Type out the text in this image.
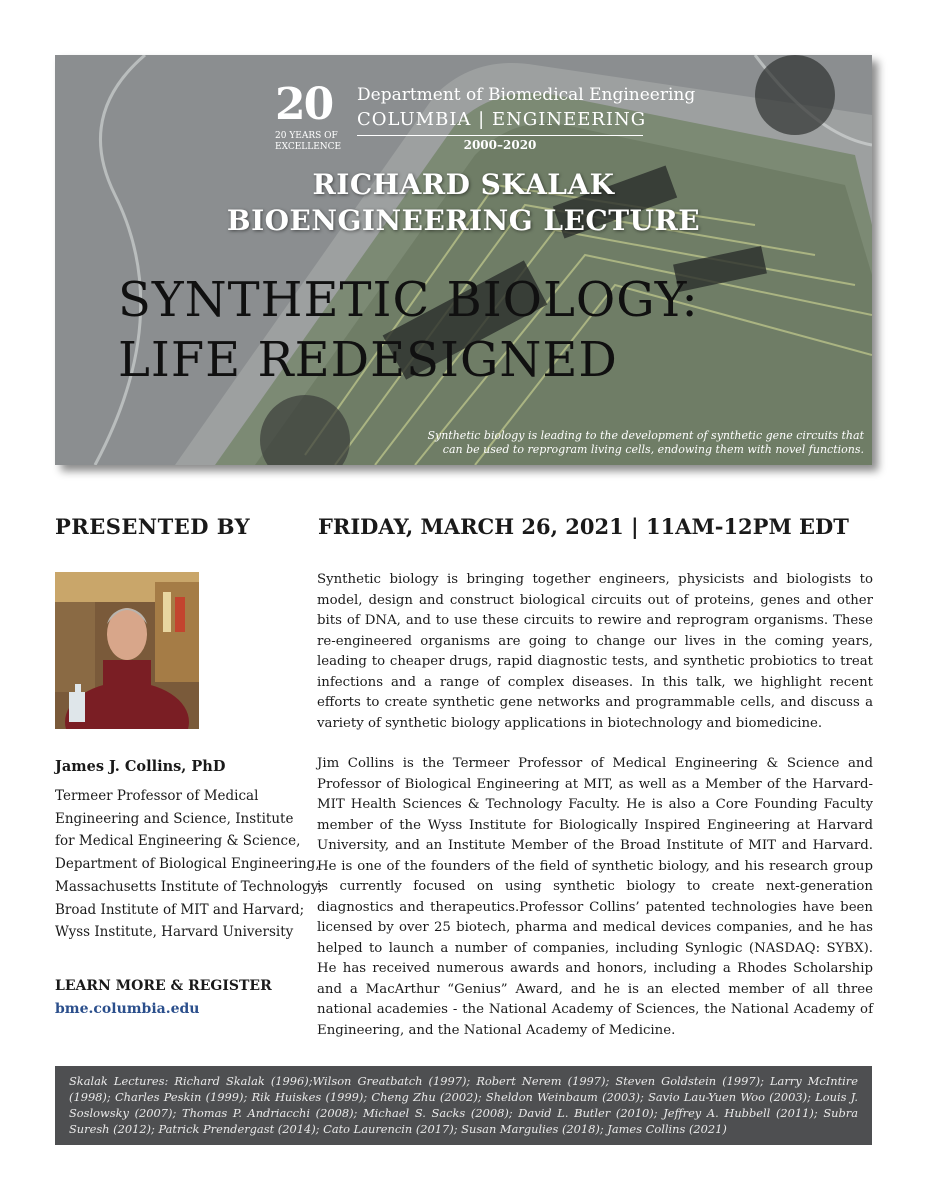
20
20 YEARS OF EXCELLENCE
Department of Biomedical Engineering
COLUMBIA | ENGINEERING
2000–2020
RICHARD SKALAK
BIOENGINEERING LECTURE
SYNTHETIC BIOLOGY:
LIFE REDESIGNED
Synthetic biology is leading to the development of synthetic gene circuits that can be used to reprogram living cells, endowing them with novel functions.
PRESENTED BY	FRIDAY, MARCH 26, 2021 | 11AM-12PM EDT
James J. Collins, PhD
Termeer Professor of Medical
Engineering and Science, Institute
for Medical Engineering & Science,
Department of Biological Engineering,
Massachusetts Institute of Technology;
Broad Institute of MIT and Harvard;
Wyss Institute, Harvard University
LEARN MORE & REGISTER
bme.columbia.edu
Synthetic biology is bringing together engineers, physicists and biologists to model, design and construct biological circuits out of proteins, genes and other bits of DNA, and to use these circuits to rewire and reprogram organisms. These re-engineered organisms are going to change our lives in the coming years, leading to cheaper drugs, rapid diagnostic tests, and synthetic probiotics to treat infections and a range of complex diseases. In this talk, we highlight recent efforts to create synthetic gene networks and programmable cells, and discuss a variety of synthetic biology applications in biotechnology and biomedicine.
Jim Collins is the Termeer Professor of Medical Engineering & Science and Professor of Biological Engineering at MIT, as well as a Member of the Harvard-MIT Health Sciences & Technology Faculty. He is also a Core Founding Faculty member of the Wyss Institute for Biologically Inspired Engineering at Harvard University, and an Institute Member of the Broad Institute of MIT and Harvard. He is one of the founders of the field of synthetic biology, and his research group is currently focused on using synthetic biology to create next-generation diagnostics and therapeutics.Professor Collins’ patented technologies have been licensed by over 25 biotech, pharma and medical devices companies, and he has helped to launch a number of companies, including Synlogic (NASDAQ: SYBX). He has received numerous awards and honors, including a Rhodes Scholarship and a MacArthur “Genius” Award, and he is an elected member of all three national academies - the National Academy of Sciences, the National Academy of Engineering, and the National Academy of Medicine.
Skalak Lectures: Richard Skalak (1996);Wilson Greatbatch (1997); Robert Nerem (1997); Steven Goldstein (1997); Larry McIntire (1998); Charles Peskin (1999); Rik Huiskes (1999); Cheng Zhu (2002); Sheldon Weinbaum (2003); Savio Lau-Yuen Woo (2003); Louis J. Soslowsky (2007); Thomas P. Andriacchi (2008); Michael S. Sacks (2008); David L. Butler (2010); Jeffrey A. Hubbell (2011); Subra Suresh (2012); Patrick Prendergast (2014); Cato Laurencin (2017); Susan Margulies (2018); James Collins (2021)
